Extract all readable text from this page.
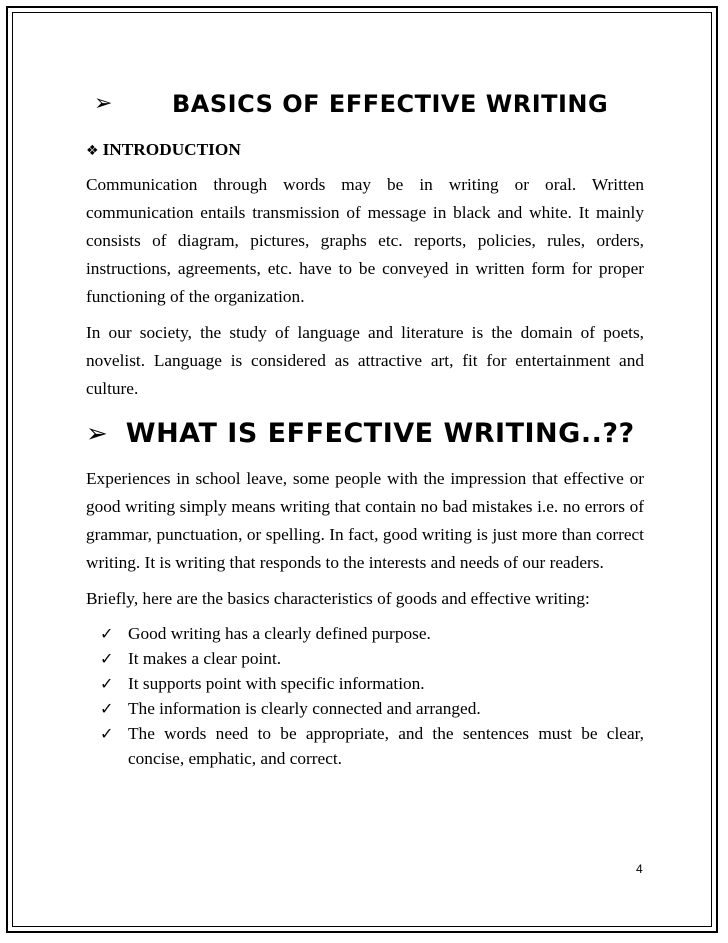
➢	BASICS OF EFFECTIVE WRITING
❖ INTRODUCTION

Communication through words may be in writing or oral. Written communication entails transmission of message in black and white. It mainly consists of diagram, pictures, graphs etc. reports, policies, rules, orders, instructions, agreements, etc. have to be conveyed in written form for proper functioning of the organization.

In our society, the study of language and literature is the domain of poets, novelist. Language is considered as attractive art, fit for entertainment and culture.

➢ WHAT IS EFFECTIVE WRITING..??

Experiences in school leave, some people with the impression that effective or good writing simply means writing that contain no bad mistakes i.e. no errors of grammar, punctuation, or spelling. In fact, good writing is just more than correct writing. It is writing that responds to the interests and needs of our readers.

Briefly, here are the basics characteristics of goods and effective writing:

✓ Good writing has a clearly defined purpose.
✓ It makes a clear point.
✓ It supports point with specific information.
✓ The information is clearly connected and arranged.
✓ The words need to be appropriate, and the sentences must be clear, concise, emphatic, and correct.
4
